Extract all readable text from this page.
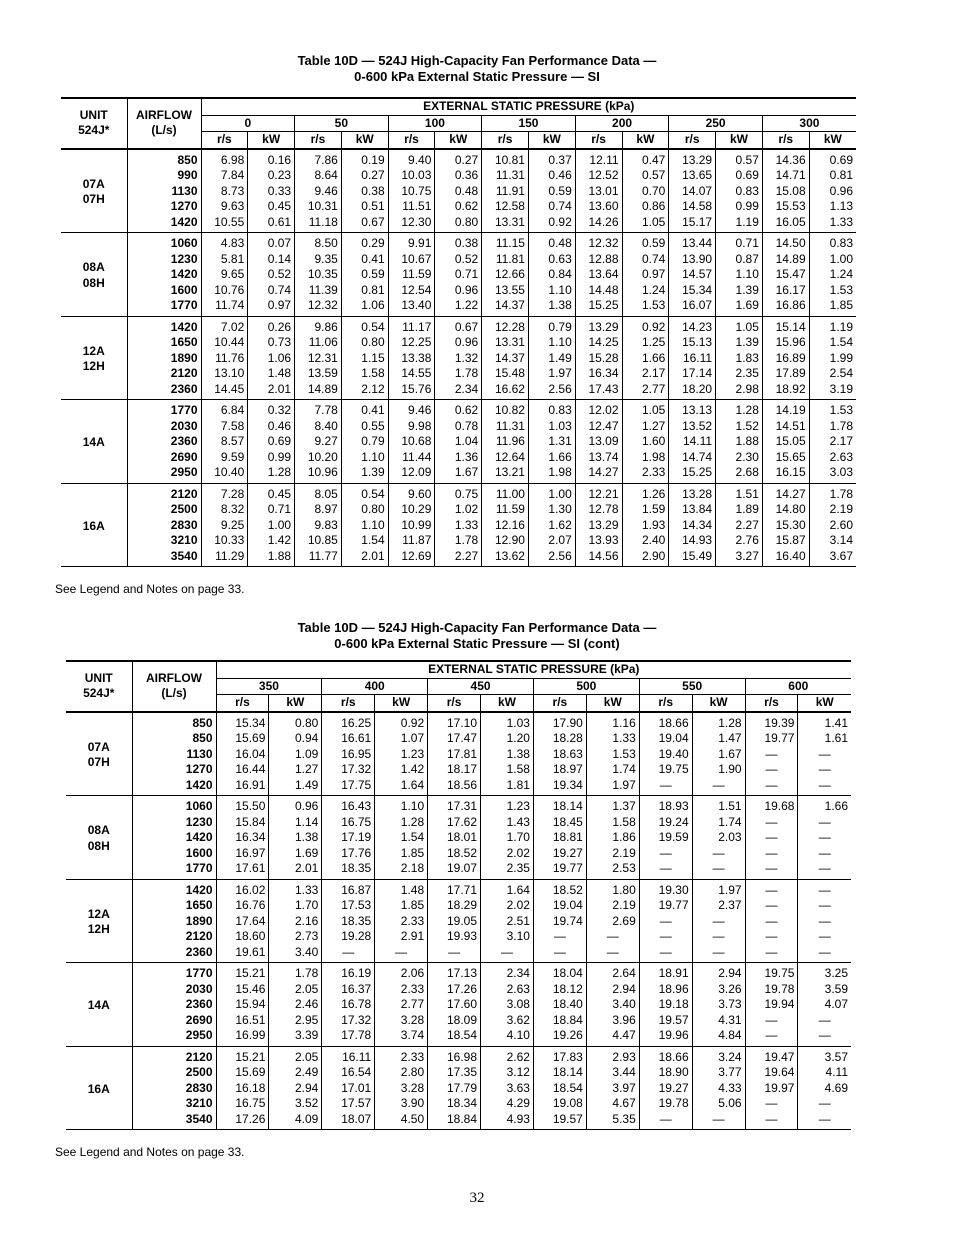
Table 10D — 524J High-Capacity Fan Performance Data —
0-600 kPa External Static Pressure — SI
UNIT 524J*	AIRFLOW (L/s)	EXTERNAL STATIC PRESSURE (kPa)													
		0		50		100		150		200		250		300	
		r/s	kW	r/s	kW	r/s	kW	r/s	kW	r/s	kW	r/s	kW	r/s	kW

07A
07H	850	6.98	0.16	7.86	0.19	9.40	0.27	10.81	0.37	12.11	0.47	13.29	0.57	14.36	0.69
	990	7.84	0.23	8.64	0.27	10.03	0.36	11.31	0.46	12.52	0.57	13.65	0.69	14.71	0.81
	1130	8.73	0.33	9.46	0.38	10.75	0.48	11.91	0.59	13.01	0.70	14.07	0.83	15.08	0.96
	1270	9.63	0.45	10.31	0.51	11.51	0.62	12.58	0.74	13.60	0.86	14.58	0.99	15.53	1.13
	1420	10.55	0.61	11.18	0.67	12.30	0.80	13.31	0.92	14.26	1.05	15.17	1.19	16.05	1.33

08A
08H	1060	4.83	0.07	8.50	0.29	9.91	0.38	11.15	0.48	12.32	0.59	13.44	0.71	14.50	0.83
	1230	5.81	0.14	9.35	0.41	10.67	0.52	11.81	0.63	12.88	0.74	13.90	0.87	14.89	1.00
	1420	9.65	0.52	10.35	0.59	11.59	0.71	12.66	0.84	13.64	0.97	14.57	1.10	15.47	1.24
	1600	10.76	0.74	11.39	0.81	12.54	0.96	13.55	1.10	14.48	1.24	15.34	1.39	16.17	1.53
	1770	11.74	0.97	12.32	1.06	13.40	1.22	14.37	1.38	15.25	1.53	16.07	1.69	16.86	1.85

12A
12H	1420	7.02	0.26	9.86	0.54	11.17	0.67	12.28	0.79	13.29	0.92	14.23	1.05	15.14	1.19
	1650	10.44	0.73	11.06	0.80	12.25	0.96	13.31	1.10	14.25	1.25	15.13	1.39	15.96	1.54
	1890	11.76	1.06	12.31	1.15	13.38	1.32	14.37	1.49	15.28	1.66	16.11	1.83	16.89	1.99
	2120	13.10	1.48	13.59	1.58	14.55	1.78	15.48	1.97	16.34	2.17	17.14	2.35	17.89	2.54
	2360	14.45	2.01	14.89	2.12	15.76	2.34	16.62	2.56	17.43	2.77	18.20	2.98	18.92	3.19

14A	1770	6.84	0.32	7.78	0.41	9.46	0.62	10.82	0.83	12.02	1.05	13.13	1.28	14.19	1.53
	2030	7.58	0.46	8.40	0.55	9.98	0.78	11.31	1.03	12.47	1.27	13.52	1.52	14.51	1.78
	2360	8.57	0.69	9.27	0.79	10.68	1.04	11.96	1.31	13.09	1.60	14.11	1.88	15.05	2.17
	2690	9.59	0.99	10.20	1.10	11.44	1.36	12.64	1.66	13.74	1.98	14.74	2.30	15.65	2.63
	2950	10.40	1.28	10.96	1.39	12.09	1.67	13.21	1.98	14.27	2.33	15.25	2.68	16.15	3.03

16A	2120	7.28	0.45	8.05	0.54	9.60	0.75	11.00	1.00	12.21	1.26	13.28	1.51	14.27	1.78
	2500	8.32	0.71	8.97	0.80	10.29	1.02	11.59	1.30	12.78	1.59	13.84	1.89	14.80	2.19
	2830	9.25	1.00	9.83	1.10	10.99	1.33	12.16	1.62	13.29	1.93	14.34	2.27	15.30	2.60
	3210	10.33	1.42	10.85	1.54	11.87	1.78	12.90	2.07	13.93	2.40	14.93	2.76	15.87	3.14
	3540	11.29	1.88	11.77	2.01	12.69	2.27	13.62	2.56	14.56	2.90	15.49	3.27	16.40	3.67
See Legend and Notes on page 33.
Table 10D — 524J High-Capacity Fan Performance Data —
0-600 kPa External Static Pressure — SI (cont)
UNIT 524J*	AIRFLOW (L/s)	EXTERNAL STATIC PRESSURE (kPa)											
		350		400		450		500		550		600	
		r/s	kW	r/s	kW	r/s	kW	r/s	kW	r/s	kW	r/s	kW

07A
07H	850	15.34	0.80	16.25	0.92	17.10	1.03	17.90	1.16	18.66	1.28	19.39	1.41
	850	15.69	0.94	16.61	1.07	17.47	1.20	18.28	1.33	19.04	1.47	19.77	1.61
	1130	16.04	1.09	16.95	1.23	17.81	1.38	18.63	1.53	19.40	1.67	—	—
	1270	16.44	1.27	17.32	1.42	18.17	1.58	18.97	1.74	19.75	1.90	—	—
	1420	16.91	1.49	17.75	1.64	18.56	1.81	19.34	1.97	—	—	—	—

08A
08H	1060	15.50	0.96	16.43	1.10	17.31	1.23	18.14	1.37	18.93	1.51	19.68	1.66
	1230	15.84	1.14	16.75	1.28	17.62	1.43	18.45	1.58	19.24	1.74	—	—
	1420	16.34	1.38	17.19	1.54	18.01	1.70	18.81	1.86	19.59	2.03	—	—
	1600	16.97	1.69	17.76	1.85	18.52	2.02	19.27	2.19	—	—	—	—
	1770	17.61	2.01	18.35	2.18	19.07	2.35	19.77	2.53	—	—	—	—

12A
12H	1420	16.02	1.33	16.87	1.48	17.71	1.64	18.52	1.80	19.30	1.97	—	—
	1650	16.76	1.70	17.53	1.85	18.29	2.02	19.04	2.19	19.77	2.37	—	—
	1890	17.64	2.16	18.35	2.33	19.05	2.51	19.74	2.69	—	—	—	—
	2120	18.60	2.73	19.28	2.91	19.93	3.10	—	—	—	—	—	—
	2360	19.61	3.40	—	—	—	—	—	—	—	—	—	—

14A	1770	15.21	1.78	16.19	2.06	17.13	2.34	18.04	2.64	18.91	2.94	19.75	3.25
	2030	15.46	2.05	16.37	2.33	17.26	2.63	18.12	2.94	18.96	3.26	19.78	3.59
	2360	15.94	2.46	16.78	2.77	17.60	3.08	18.40	3.40	19.18	3.73	19.94	4.07
	2690	16.51	2.95	17.32	3.28	18.09	3.62	18.84	3.96	19.57	4.31	—	—
	2950	16.99	3.39	17.78	3.74	18.54	4.10	19.26	4.47	19.96	4.84	—	—

16A	2120	15.21	2.05	16.11	2.33	16.98	2.62	17.83	2.93	18.66	3.24	19.47	3.57
	2500	15.69	2.49	16.54	2.80	17.35	3.12	18.14	3.44	18.90	3.77	19.64	4.11
	2830	16.18	2.94	17.01	3.28	17.79	3.63	18.54	3.97	19.27	4.33	19.97	4.69
	3210	16.75	3.52	17.57	3.90	18.34	4.29	19.08	4.67	19.78	5.06	—	—
	3540	17.26	4.09	18.07	4.50	18.84	4.93	19.57	5.35	—	—	—	—
See Legend and Notes on page 33.
32
